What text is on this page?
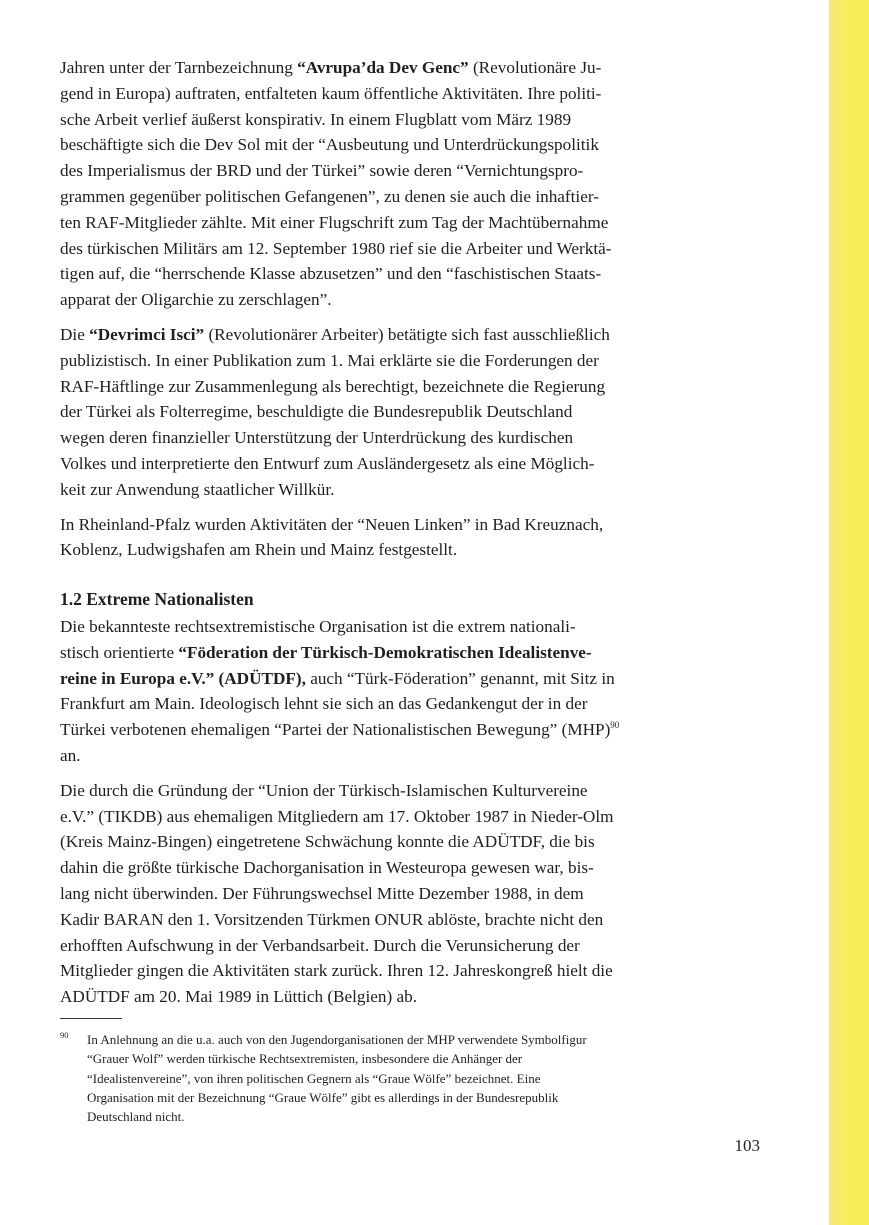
Jahren unter der Tarnbezeichnung “Avrupa’da Dev Genc” (Revolutionäre Ju-
gend in Europa) auftraten, entfalteten kaum öffentliche Aktivitäten. Ihre politi-
sche Arbeit verlief äußerst konspirativ. In einem Flugblatt vom März 1989
beschäftigte sich die Dev Sol mit der “Ausbeutung und Unterdrückungspolitik
des Imperialismus der BRD und der Türkei” sowie deren “Vernichtungspro-
grammen gegenüber politischen Gefangenen”, zu denen sie auch die inhaftier-
ten RAF-Mitglieder zählte. Mit einer Flugschrift zum Tag der Machtübernahme
des türkischen Militärs am 12. September 1980 rief sie die Arbeiter und Werktä-
tigen auf, die “herrschende Klasse abzusetzen” und den “faschistischen Staats-
apparat der Oligarchie zu zerschlagen”.

Die “Devrimci Isci” (Revolutionärer Arbeiter) betätigte sich fast ausschließlich
publizistisch. In einer Publikation zum 1. Mai erklärte sie die Forderungen der
RAF-Häftlinge zur Zusammenlegung als berechtigt, bezeichnete die Regierung
der Türkei als Folterregime, beschuldigte die Bundesrepublik Deutschland
wegen deren finanzieller Unterstützung der Unterdrückung des kurdischen
Volkes und interpretierte den Entwurf zum Ausländergesetz als eine Möglich-
keit zur Anwendung staatlicher Willkür.

In Rheinland-Pfalz wurden Aktivitäten der “Neuen Linken” in Bad Kreuznach,
Koblenz, Ludwigshafen am Rhein und Mainz festgestellt.

1.2 Extreme Nationalisten

Die bekannteste rechtsextremistische Organisation ist die extrem nationali-
stisch orientierte “Föderation der Türkisch-Demokratischen Idealistenve-
reine in Europa e.V.” (ADÜTDF), auch “Türk-Föderation” genannt, mit Sitz in
Frankfurt am Main. Ideologisch lehnt sie sich an das Gedankengut der in der
Türkei verbotenen ehemaligen “Partei der Nationalistischen Bewegung” (MHP)$^{90}$
an.

Die durch die Gründung der “Union der Türkisch-Islamischen Kulturvereine
e.V.” (TIKDB) aus ehemaligen Mitgliedern am 17. Oktober 1987 in Nieder-Olm
(Kreis Mainz-Bingen) eingetretene Schwächung konnte die ADÜTDF, die bis
dahin die größte türkische Dachorganisation in Westeuropa gewesen war, bis-
lang nicht überwinden. Der Führungswechsel Mitte Dezember 1988, in dem
Kadir BARAN den 1. Vorsitzenden Türkmen ONUR ablöste, brachte nicht den
erhofften Aufschwung in der Verbandsarbeit. Durch die Verunsicherung der
Mitglieder gingen die Aktivitäten stark zurück. Ihren 12. Jahreskongreß hielt die
ADÜTDF am 20. Mai 1989 in Lüttich (Belgien) ab.

90 In Anlehnung an die u.a. auch von den Jugendorganisationen der MHP verwendete Symbolfigur
“Grauer Wolf” werden türkische Rechtsextremisten, insbesondere die Anhänger der
“Idealistenvereine”, von ihren politischen Gegnern als “Graue Wölfe” bezeichnet. Eine
Organisation mit der Bezeichnung “Graue Wölfe” gibt es allerdings in der Bundesrepublik
Deutschland nicht.

103
